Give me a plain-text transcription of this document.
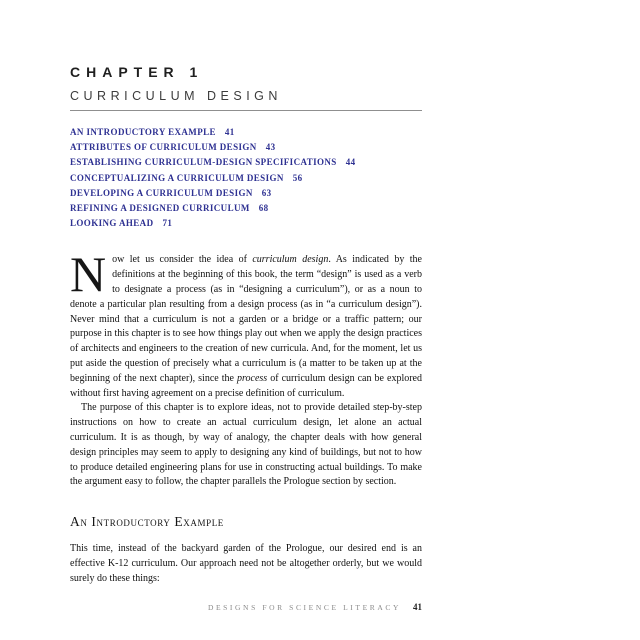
CHAPTER 1
CURRICULUM DESIGN
AN INTRODUCTORY EXAMPLE 41
ATTRIBUTES OF CURRICULUM DESIGN 43
ESTABLISHING CURRICULUM-DESIGN SPECIFICATIONS 44
CONCEPTUALIZING A CURRICULUM DESIGN 56
DEVELOPING A CURRICULUM DESIGN 63
REFINING A DESIGNED CURRICULUM 68
LOOKING AHEAD 71

Now let us consider the idea of curriculum design. As indicated by the definitions at the beginning of this book, the term “design” is used as a verb to designate a process (as in “designing a curriculum”), or as a noun to denote a particular plan resulting from a design process (as in “a curriculum design”). Never mind that a curriculum is not a garden or a bridge or a traffic pattern; our purpose in this chapter is to see how things play out when we apply the design practices of architects and engineers to the creation of new curricula. And, for the moment, let us put aside the question of precisely what a curriculum is (a matter to be taken up at the beginning of the next chapter), since the process of curriculum design can be explored without first having agreement on a precise definition of curriculum.

The purpose of this chapter is to explore ideas, not to provide detailed step-by-step instructions on how to create an actual curriculum design, let alone an actual curriculum. It is as though, by way of analogy, the chapter deals with how general design principles may seem to apply to designing any kind of buildings, but not to how to produce detailed engineering plans for use in constructing actual buildings. To make the argument easy to follow, the chapter parallels the Prologue section by section.

An Introductory Example

This time, instead of the backyard garden of the Prologue, our desired end is an effective K-12 curriculum. Our approach need not be altogether orderly, but we would surely do these things:

DESIGNS FOR SCIENCE LITERACY 41
